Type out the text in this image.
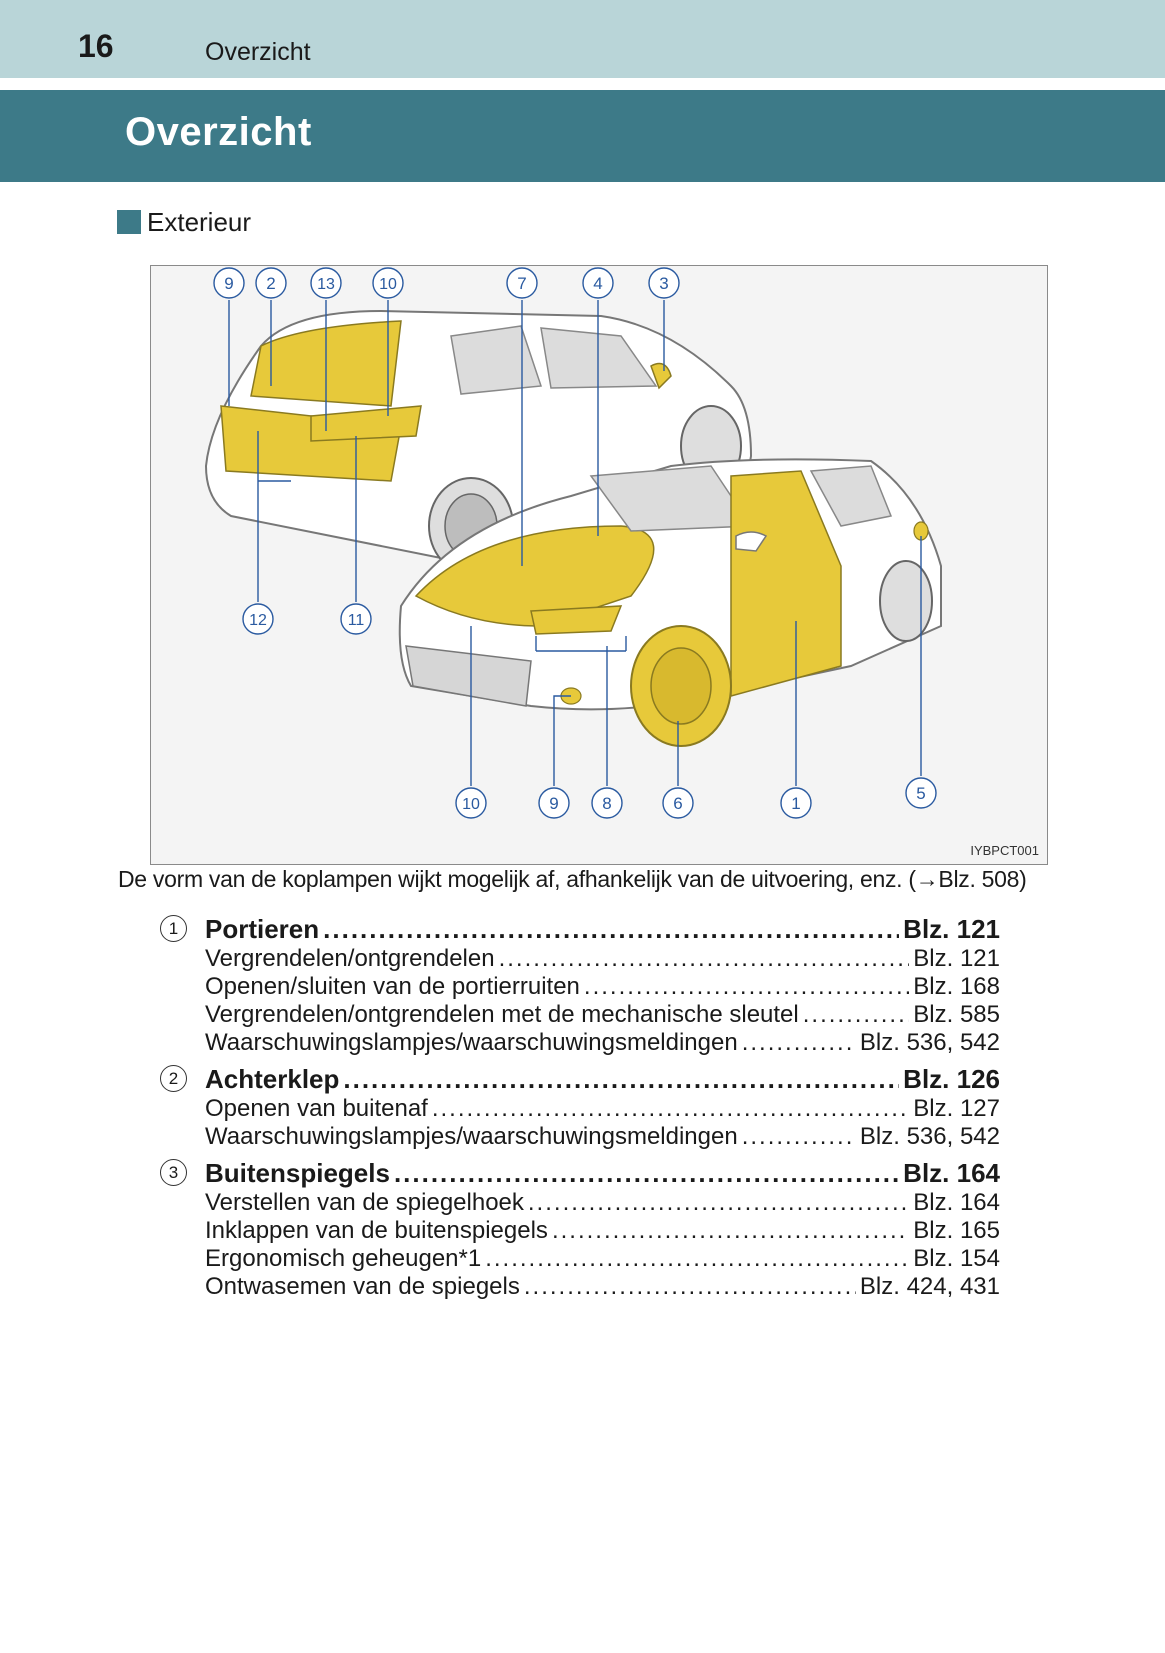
16	Overzicht
Overzicht
Exterieur
9 2	13	10	7	4	3
12	11
10	9	8	6	1
5
IYBPCT001
De vorm van de koplampen wijkt mogelijk af, afhankelijk van de uitvoering, enz. (→Blz. 508)
1	Portieren .....	Blz. 121
Vergrendelen/ontgrendelen .....	Blz. 121
Openen/sluiten van de portierruiten .....	Blz. 168
Vergrendelen/ontgrendelen met de mechanische sleutel .....	Blz. 585
Waarschuwingslampjes/waarschuwingsmeldingen .....	Blz. 536, 542
2	Achterklep .....	Blz. 126
Openen van buitenaf .....	Blz. 127
Waarschuwingslampjes/waarschuwingsmeldingen .....	Blz. 536, 542
3	Buitenspiegels .....	Blz. 164
Verstellen van de spiegelhoek .....	Blz. 164
Inklappen van de buitenspiegels .....	Blz. 165
Ergonomisch geheugen*1 .....	Blz. 154
Ontwasemen van de spiegels .....	Blz. 424, 431
